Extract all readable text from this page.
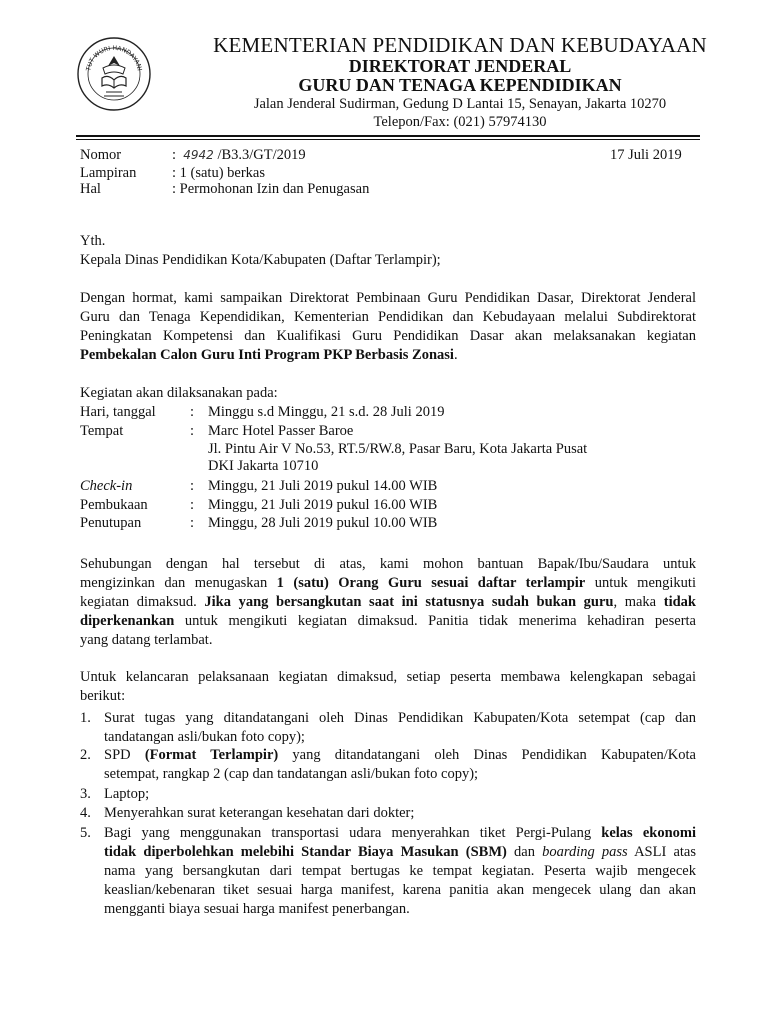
TUT WURI HANDAYANI
KEMENTERIAN PENDIDIKAN DAN KEBUDAYAAN
DIREKTORAT JENDERAL
GURU DAN TENAGA KEPENDIDIKAN
Jalan Jenderal Sudirman, Gedung D Lantai 15, Senayan, Jakarta 10270
Telepon/Fax: (021) 57974130
Nomor	:  4942 /B3.3/GT/2019	17 Juli 2019
Lampiran : 1 (satu) berkas
Hal	: Permohonan Izin dan Penugasan
Yth.
Kepala Dinas Pendidikan Kota/Kabupaten (Daftar Terlampir);
Dengan hormat, kami sampaikan Direktorat Pembinaan Guru Pendidikan Dasar, Direktorat Jenderal
Guru dan Tenaga Kependidikan, Kementerian Pendidikan dan Kebudayaan melalui Subdirektorat
Peningkatan Kompetensi dan Kualifikasi Guru Pendidikan Dasar akan melaksanakan kegiatan
Pembekalan Calon Guru Inti Program PKP Berbasis Zonasi.
Kegiatan akan dilaksanakan pada:
Hari, tanggal : Minggu s.d Minggu, 21 s.d. 28 Juli 2019
Tempat	: Marc Hotel Passer Baroe
Jl. Pintu Air V No.53, RT.5/RW.8, Pasar Baru, Kota Jakarta Pusat
DKI Jakarta 10710
Check-in	: Minggu, 21 Juli 2019 pukul 14.00 WIB
Pembukaan	: Minggu, 21 Juli 2019 pukul 16.00 WIB
Penutupan	: Minggu, 28 Juli 2019 pukul 10.00 WIB
Sehubungan dengan hal tersebut di atas, kami mohon bantuan Bapak/Ibu/Saudara untuk
mengizinkan dan menugaskan 1 (satu) Orang Guru sesuai daftar terlampir untuk mengikuti
kegiatan dimaksud. Jika yang bersangkutan saat ini statusnya sudah bukan guru, maka tidak
diperkenankan untuk mengikuti kegiatan dimaksud. Panitia tidak menerima kehadiran peserta
yang datang terlambat.
Untuk kelancaran pelaksanaan kegiatan dimaksud, setiap peserta membawa kelengkapan sebagai
berikut:
1. Surat tugas yang ditandatangani oleh Dinas Pendidikan Kabupaten/Kota setempat (cap dan
tandatangan asli/bukan foto copy);
2. SPD (Format Terlampir) yang ditandatangani oleh Dinas Pendidikan Kabupaten/Kota
setempat, rangkap 2 (cap dan tandatangan asli/bukan foto copy);
3. Laptop;
4. Menyerahkan surat keterangan kesehatan dari dokter;
5. Bagi yang menggunakan transportasi udara menyerahkan tiket Pergi-Pulang kelas ekonomi
tidak diperbolehkan melebihi Standar Biaya Masukan (SBM) dan boarding pass ASLI atas
nama yang bersangkutan dari tempat bertugas ke tempat kegiatan. Peserta wajib mengecek
keaslian/kebenaran tiket sesuai harga manifest, karena panitia akan mengecek ulang dan akan
mengganti biaya sesuai harga manifest penerbangan.
